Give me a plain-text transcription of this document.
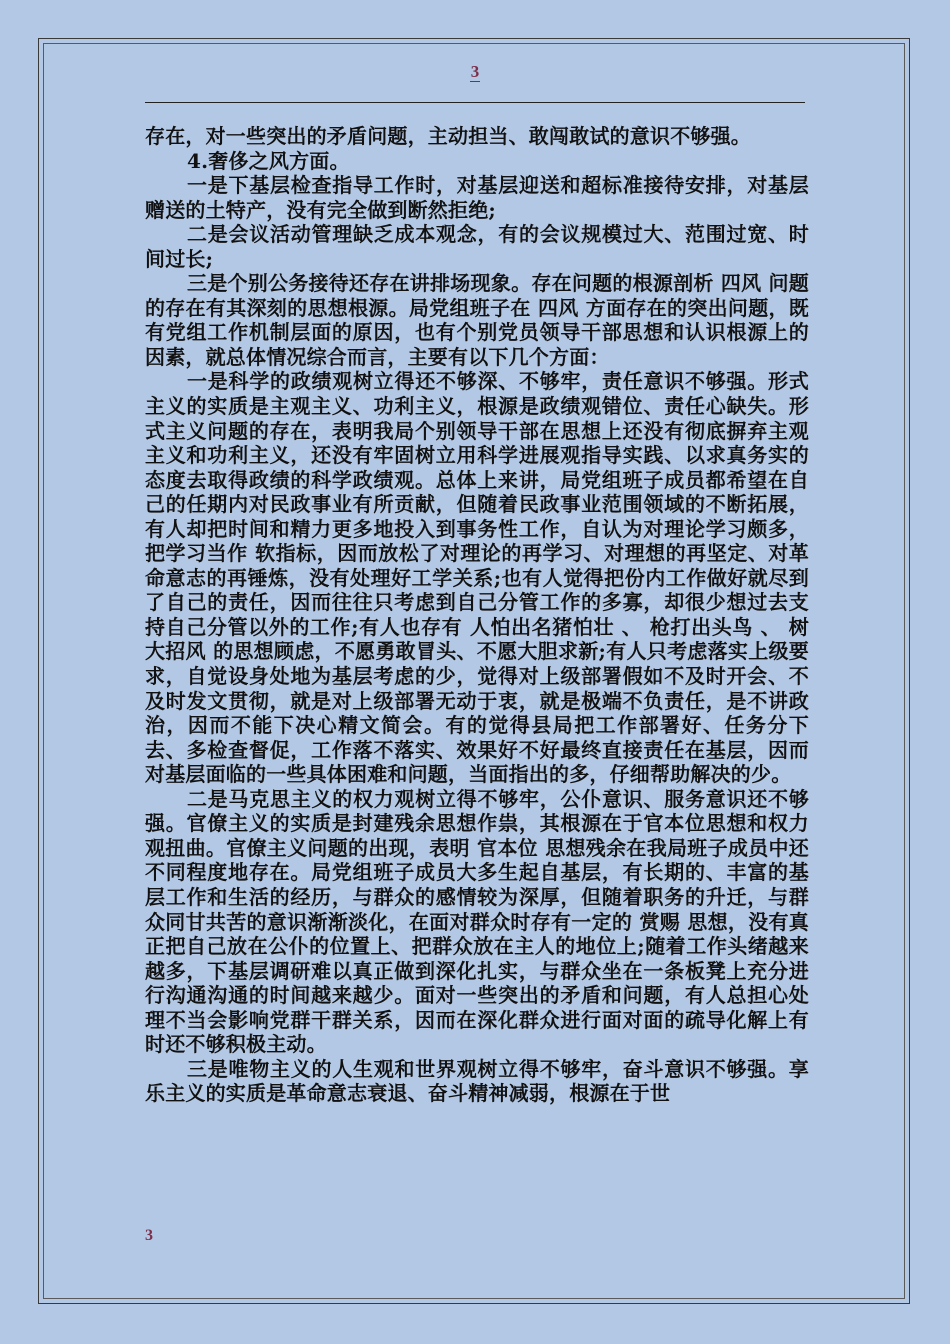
3

存在，对一些突出的矛盾问题，主动担当、敢闯敢试的意识不够强。

4.奢侈之风方面。

一是下基层检查指导工作时，对基层迎送和超标准接待安排，对基层赠送的土特产，没有完全做到断然拒绝;

二是会议活动管理缺乏成本观念，有的会议规模过大、范围过宽、时间过长;

三是个别公务接待还存在讲排场现象。存在问题的根源剖析 四风 问题的存在有其深刻的思想根源。局党组班子在 四风 方面存在的突出问题，既有党组工作机制层面的原因，也有个别党员领导干部思想和认识根源上的因素，就总体情况综合而言，主要有以下几个方面：

一是科学的政绩观树立得还不够深、不够牢，责任意识不够强。形式主义的实质是主观主义、功利主义，根源是政绩观错位、责任心缺失。形式主义问题的存在，表明我局个别领导干部在思想上还没有彻底摒弃主观主义和功利主义，还没有牢固树立用科学进展观指导实践、以求真务实的态度去取得政绩的科学政绩观。总体上来讲，局党组班子成员都希望在自己的任期内对民政事业有所贡献，但随着民政事业范围领域的不断拓展，有人却把时间和精力更多地投入到事务性工作，自认为对理论学习颇多，把学习当作 软指标，因而放松了对理论的再学习、对理想的再坚定、对革命意志的再锤炼，没有处理好工学关系;也有人觉得把份内工作做好就尽到了自己的责任，因而往往只考虑到自己分管工作的多寡，却很少想过去支持自己分管以外的工作;有人也存有 人怕出名猪怕壮 、 枪打出头鸟 、 树大招风 的思想顾虑，不愿勇敢冒头、不愿大胆求新;有人只考虑落实上级要求，自觉设身处地为基层考虑的少，觉得对上级部署假如不及时开会、不及时发文贯彻，就是对上级部署无动于衷，就是极端不负责任，是不讲政治，因而不能下决心精文简会。有的觉得县局把工作部署好、任务分下去、多检查督促，工作落不落实、效果好不好最终直接责任在基层，因而对基层面临的一些具体困难和问题，当面指出的多，仔细帮助解决的少。

二是马克思主义的权力观树立得不够牢，公仆意识、服务意识还不够强。官僚主义的实质是封建残余思想作祟，其根源在于官本位思想和权力观扭曲。官僚主义问题的出现，表明 官本位 思想残余在我局班子成员中还不同程度地存在。局党组班子成员大多生起自基层，有长期的、丰富的基层工作和生活的经历，与群众的感情较为深厚，但随着职务的升迁，与群众同甘共苦的意识渐渐淡化，在面对群众时存有一定的 赏赐 思想，没有真正把自己放在公仆的位置上、把群众放在主人的地位上;随着工作头绪越来越多，下基层调研难以真正做到深化扎实，与群众坐在一条板凳上充分进行沟通沟通的时间越来越少。面对一些突出的矛盾和问题，有人总担心处理不当会影响党群干群关系，因而在深化群众进行面对面的疏导化解上有时还不够积极主动。

三是唯物主义的人生观和世界观树立得不够牢，奋斗意识不够强。享乐主义的实质是革命意志衰退、奋斗精神减弱，根源在于世

3
